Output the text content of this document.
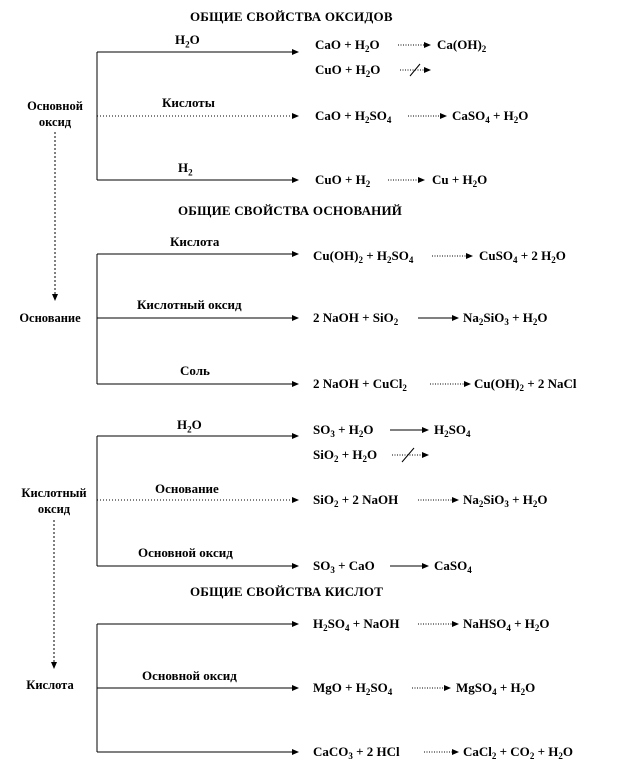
ОБЩИЕ СВОЙСТВА ОКСИДОВ
ОБЩИЕ СВОЙСТВА ОСНОВАНИЙ
ОБЩИЕ СВОЙСТВА КИСЛОТ
Основной
оксид
Основание
Кислотный
оксид
Кислота
$H_2O$
Кислоты
$H_2$
Кислота
Кислотный оксид
Соль
$H_2O$
Основание
Основной оксид
Основной оксид
CaO + $H_2O$	$Ca(OH)_2$
CuO + $H_2O$
CaO + $H_2SO_4$	CaSO$_4$ + $H_2O$
CuO + $H_2$	$Cu + H_2O$
$Cu(OH)_2 + H_2SO_4$	CuSO$_4$ + 2 $H_2O$
2 NaOH + SiO$_2$	$Na_2SiO_3 + H_2O$
2 NaOH + CuCl$_2$	$Cu(OH)_2 + 2$ NaCl
$SO_3 + H_2O$	$H_2SO_4$
$SiO_2 + H_2O$
SiO$_2$ + 2 NaOH	$Na_2SiO_3 + H_2O$
$SO_3$ + CaO	CaSO$_4$
$H_2SO_4$ + NaOH	NaHSO$_4$ + $H_2O$
MgO + $H_2SO_4$	MgSO$_4$ + $H_2O$
CaCO$_3$ + 2 HCl	CaCl$_2$ + $CO_2 + H_2O$
